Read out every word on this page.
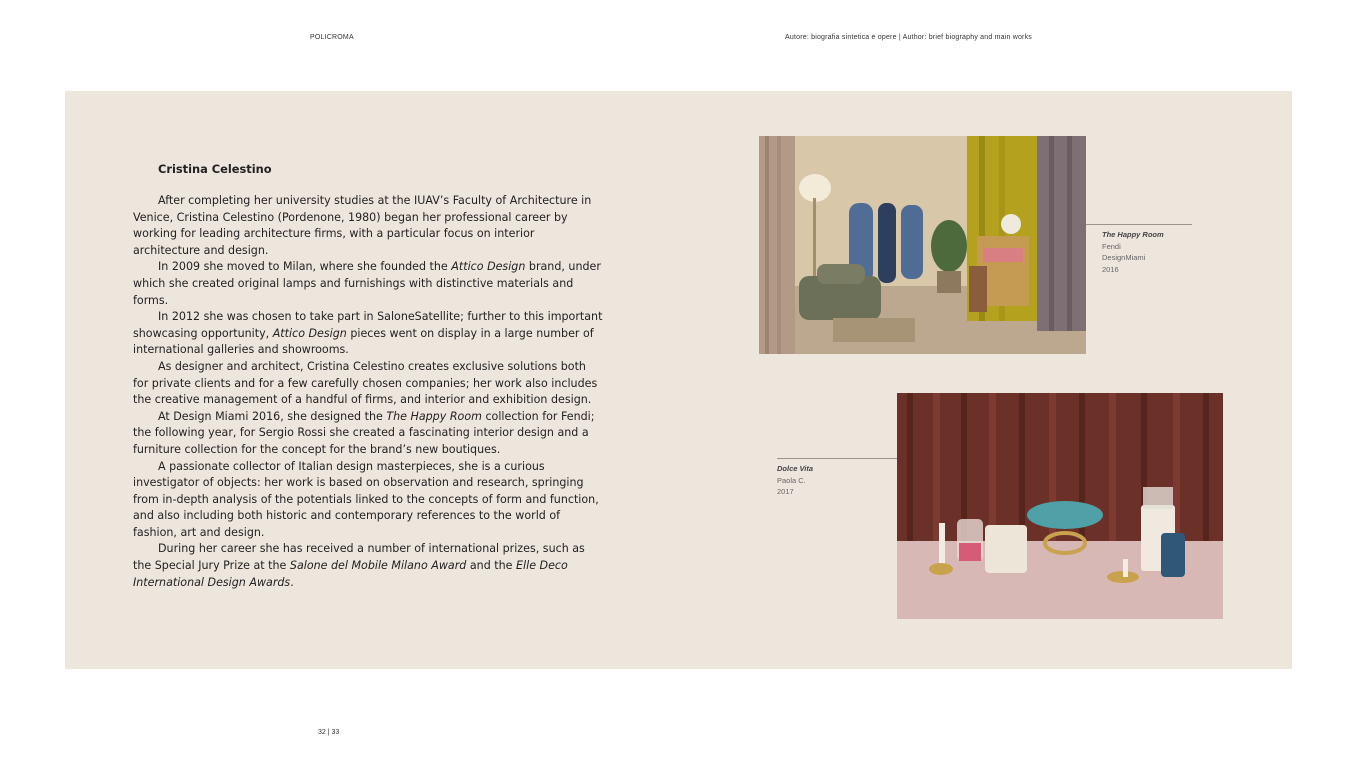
POLICROMA	Autore: biografia sintetica e opere | Author: brief biography and main works
Cristina Celestino

After completing her university studies at the IUAV’s Faculty of Architecture in Venice, Cristina Celestino (Pordenone, 1980) began her professional career by working for leading architecture firms, with a particular focus on interior architecture and design.

In 2009 she moved to Milan, where she founded the Attico Design brand, under which she created original lamps and furnishings with distinctive materials and forms.

In 2012 she was chosen to take part in SaloneSatellite; further to this important showcasing opportunity, Attico Design pieces went on display in a large number of international galleries and showrooms.

As designer and architect, Cristina Celestino creates exclusive solutions both for private clients and for a few carefully chosen companies; her work also includes the creative management of a handful of firms, and interior and exhibition design.

At Design Miami 2016, she designed the The Happy Room collection for Fendi; the following year, for Sergio Rossi she created a fascinating interior design and a furniture collection for the concept for the brand’s new boutiques.

A passionate collector of Italian design masterpieces, she is a curious investigator of objects: her work is based on observation and research, springing from in-depth analysis of the potentials linked to the concepts of form and function, and also including both historic and contemporary references to the world of fashion, art and design.

During her career she has received a number of international prizes, such as the Special Jury Prize at the Salone del Mobile Milano Award and the Elle Deco International Design Awards.

The Happy Room
Fendi
DesignMiami
2016
Dolce Vita
Paola C.
2017
32 | 33
